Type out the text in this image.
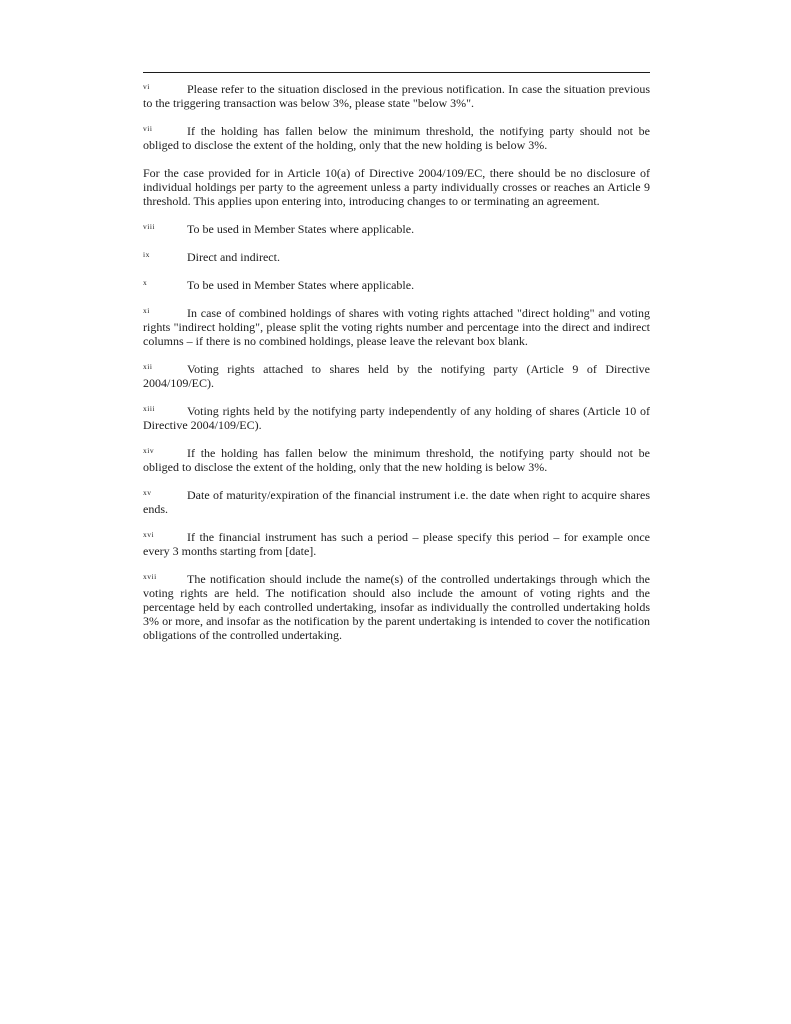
vi	Please refer to the situation disclosed in the previous notification. In case the situation previous to the triggering transaction was below 3%, please state "below 3%".

vii	If the holding has fallen below the minimum threshold, the notifying party should not be obliged to disclose the extent of the holding, only that the new holding is below 3%.

For the case provided for in Article 10(a) of Directive 2004/109/EC, there should be no disclosure of individual holdings per party to the agreement unless a party individually crosses or reaches an Article 9 threshold. This applies upon entering into, introducing changes to or terminating an agreement.

viii	To be used in Member States where applicable.

ix	Direct and indirect.

x	To be used in Member States where applicable.

xi	In case of combined holdings of shares with voting rights attached "direct holding" and voting rights "indirect holding", please split the voting rights number and percentage into the direct and indirect columns – if there is no combined holdings, please leave the relevant box blank.

xii	Voting rights attached to shares held by the notifying party (Article 9 of Directive 2004/109/EC).

xiii	Voting rights held by the notifying party independently of any holding of shares (Article 10 of Directive 2004/109/EC).

xiv	If the holding has fallen below the minimum threshold, the notifying party should not be obliged to disclose the extent of the holding, only that the new holding is below 3%.

xv	Date of maturity/expiration of the financial instrument i.e. the date when right to acquire shares ends.

xvi	If the financial instrument has such a period – please specify this period – for example once every 3 months starting from [date].

xvii	The notification should include the name(s) of the controlled undertakings through which the voting rights are held. The notification should also include the amount of voting rights and the percentage held by each controlled undertaking, insofar as individually the controlled undertaking holds 3% or more, and insofar as the notification by the parent undertaking is intended to cover the notification obligations of the controlled undertaking.
